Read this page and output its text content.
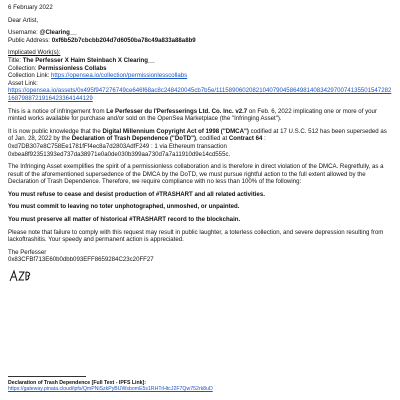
6 February 2022

Dear Artist,

Username: @Clearing__
Public Address: 0xf6b52b7cbcbb204d7d6050ba78c49a833a88a8b9
Implicated Work(s):
Title: The Perfesser X Haim Steinbach X Clearing__
Collection: Permissionless Collabs
Collection Link: https://opensea.io/collection/permissionlesscollabs
Asset Link:
https://opensea.io/assets/0x495f947276749ce646f68ac8c248420045cb7b5e/11158906020821040790458649814083429700741355015472821687988721916423364144129

This is a notice of infringement from Le Perfesser du l'Perfesserings Ltd. Co. Inc. v2.7 on Feb. 6, 2022 implicating one or more of your minted works available for purchase and/or sold on the OpenSea Marketplace (the "Infringing Asset").

It is now public knowledge that the Digital Millennium Copyright Act of 1998 ("DMCA") codified at 17 U.S.C. 512 has been superseded as of Jan. 28, 2022 by the Declaration of Trash Dependence ("DoTD"), codified at Contract 64 : 0xd7DB307e8C758Ee1781fFf4ec8a7d2803AdfF249 : 1 via Ethereum transaction 0xbea8f92351393ed737da38971e0a0de030b399aa730d7a7a11910d9e14cd555c.

The Infringing Asset exemplifies the spirit of a permissionless collaboration and is therefore in direct violation of the DMCA. Regretfully, as a result of the aforementioned supersedence of the DMCA by the DoTD, we must pursue rightful action to the full extent allowed by the Declaration of Trash Dependence. Therefore, we require compliance with no less than 100% of the following:

You must refuse to cease and desist production of #TRASHART and all related activities.

You must commit to leaving no toter unphotographed, unmoshed, or unpainted.

You must preserve all matter of historical #TRASHART record to the blockchain.

Please note that failure to comply with this request may result in public laughter, a toterless collection, and severe depression resulting from lackoftrashitis. Your speedy and permanent action is appreciated.

The Perfesser
0x83CFBf713E60b0dbb093EFF8659284C23c20FF27
Declaration of Trash Dependence [Full Text - IPFS Link]:
https://gateway.pinata.cloud/ipfs/QmPNiSzkPyBUWsbomE5s1RHTrHtcJ2F7Qw752rk8uD
